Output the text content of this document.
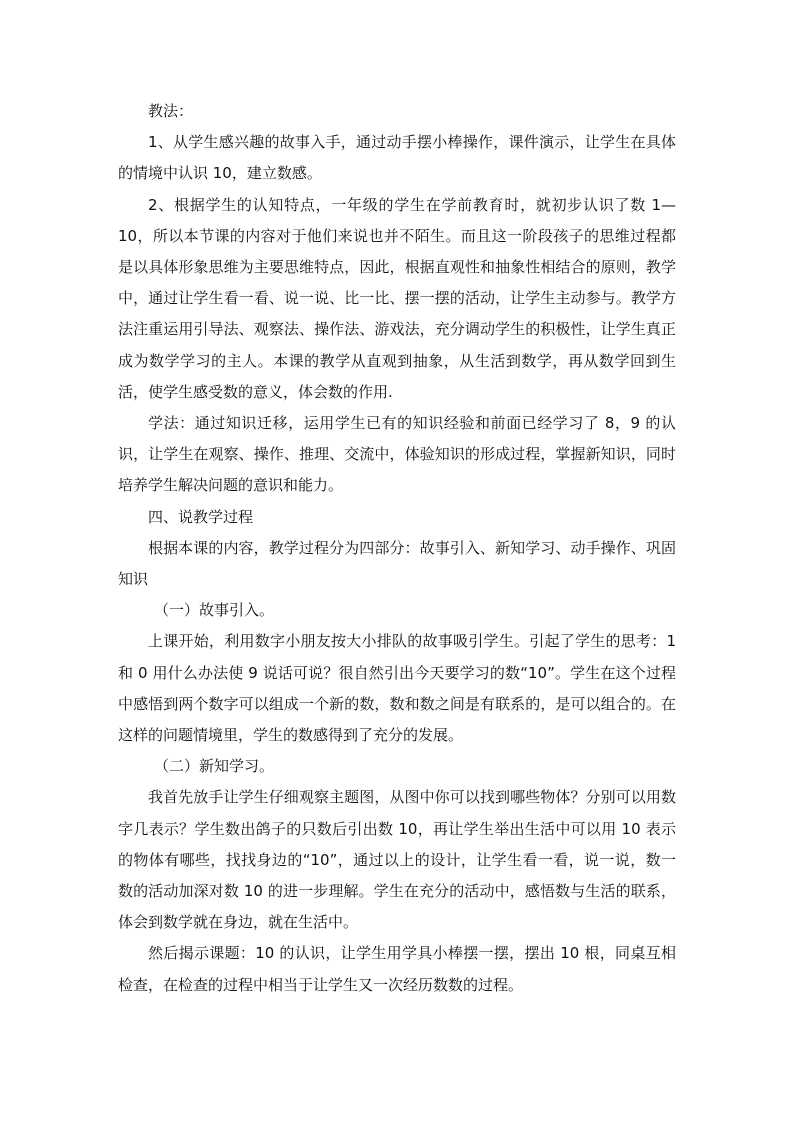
教法：

1、从学生感兴趣的故事入手，通过动手摆小棒操作，课件演示，让学生在具体的情境中认识 10，建立数感。

2、根据学生的认知特点，一年级的学生在学前教育时，就初步认识了数 1—10，所以本节课的内容对于他们来说也并不陌生。而且这一阶段孩子的思维过程都是以具体形象思维为主要思维特点，因此，根据直观性和抽象性相结合的原则，教学中，通过让学生看一看、说一说、比一比、摆一摆的活动，让学生主动参与。教学方法注重运用引导法、观察法、操作法、游戏法，充分调动学生的积极性，让学生真正成为数学学习的主人。本课的教学从直观到抽象，从生活到数学，再从数学回到生活，使学生感受数的意义，体会数的作用.

学法：通过知识迁移，运用学生已有的知识经验和前面已经学习了 8，9 的认识，让学生在观察、操作、推理、交流中，体验知识的形成过程，掌握新知识，同时培养学生解决问题的意识和能力。

四、说教学过程

根据本课的内容，教学过程分为四部分：故事引入、新知学习、动手操作、巩固知识

（一）故事引入。

上课开始，利用数字小朋友按大小排队的故事吸引学生。引起了学生的思考：1 和 0 用什么办法使 9 说话可说？很自然引出今天要学习的数“10”。学生在这个过程中感悟到两个数字可以组成一个新的数，数和数之间是有联系的，是可以组合的。在这样的问题情境里，学生的数感得到了充分的发展。

（二）新知学习。

我首先放手让学生仔细观察主题图，从图中你可以找到哪些物体？分别可以用数字几表示？学生数出鸽子的只数后引出数 10，再让学生举出生活中可以用 10 表示的物体有哪些，找找身边的“10”，通过以上的设计，让学生看一看，说一说，数一数的活动加深对数 10 的进一步理解。学生在充分的活动中，感悟数与生活的联系，体会到数学就在身边，就在生活中。

然后揭示课题：10 的认识，让学生用学具小棒摆一摆，摆出 10 根，同桌互相检查，在检查的过程中相当于让学生又一次经历数数的过程。
